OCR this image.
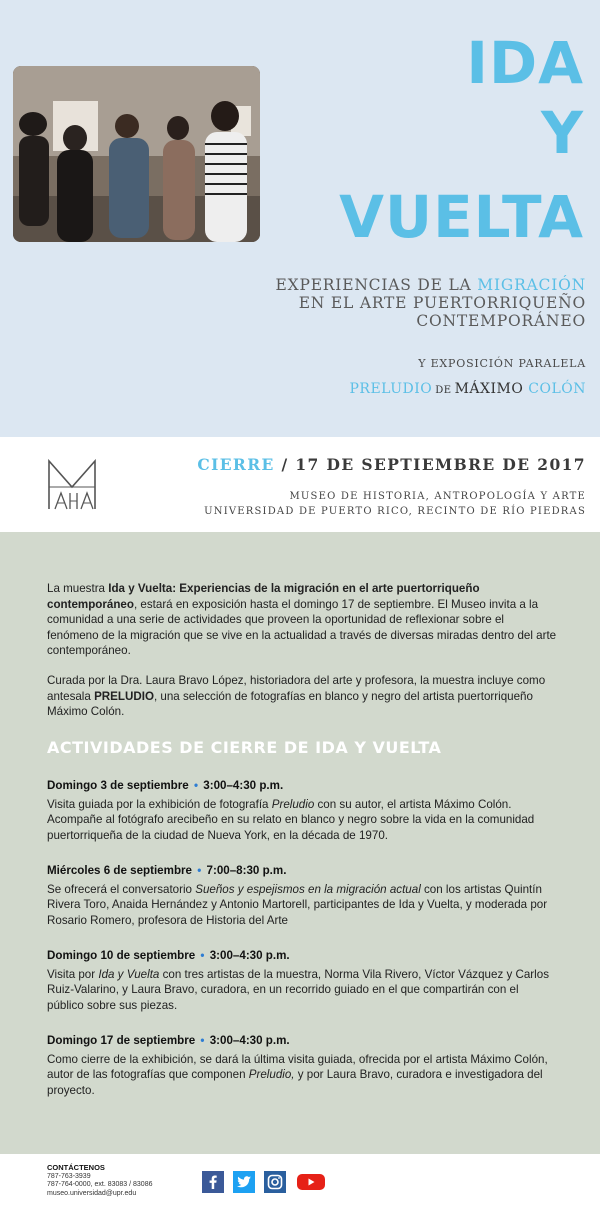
IDA
Y
VUELTA
EXPERIENCIAS DE LA MIGRACIÓN
EN EL ARTE PUERTORRIQUEÑO
CONTEMPORÁNEO
Y EXPOSICIÓN PARALELA
PRELUDIO DE MÁXIMO COLÓN
CIERRE / 17 DE SEPTIEMBRE DE 2017
MUSEO DE HISTORIA, ANTROPOLOGÍA Y ARTE
UNIVERSIDAD DE PUERTO RICO, RECINTO DE RÍO PIEDRAS

La muestra Ida y Vuelta: Experiencias de la migración en el arte puertorriqueño contemporáneo, estará en exposición hasta el domingo 17 de septiembre. El Museo invita a la comunidad a una serie de actividades que proveen la oportunidad de reflexionar sobre el fenómeno de la migración que se vive en la actualidad a través de diversas miradas dentro del arte contemporáneo.

Curada por la Dra. Laura Bravo López, historiadora del arte y profesora, la muestra incluye como antesala PRELUDIO, una selección de fotografías en blanco y negro del artista puertorriqueño Máximo Colón.

ACTIVIDADES DE CIERRE DE IDA Y VUELTA
Domingo 3 de septiembre • 3:00–4:30 p.m.
Visita guiada por la exhibición de fotografía Preludio con su autor, el artista Máximo Colón. Acompañe al fotógrafo arecibeño en su relato en blanco y negro sobre la vida en la comunidad puertorriqueña de la ciudad de Nueva York, en la década de 1970.
Miércoles 6 de septiembre • 7:00–8:30 p.m.
Se ofrecerá el conversatorio Sueños y espejismos en la migración actual con los artistas Quintín Rivera Toro, Anaida Hernández y Antonio Martorell, participantes de Ida y Vuelta, y moderada por Rosario Romero, profesora de Historia del Arte
Domingo 10 de septiembre • 3:00–4:30 p.m.
Visita por Ida y Vuelta con tres artistas de la muestra, Norma Vila Rivero, Víctor Vázquez y Carlos Ruiz-Valarino, y Laura Bravo, curadora, en un recorrido guiado en el que compartirán con el público sobre sus piezas.
Domingo 17 de septiembre • 3:00–4:30 p.m.
Como cierre de la exhibición, se dará la última visita guiada, ofrecida por el artista Máximo Colón, autor de las fotografías que componen Preludio, y por Laura Bravo, curadora e investigadora del proyecto.
CONTÁCTENOS
787-763-3939
787-764-0000, ext. 83083 / 83086
museo.universidad@upr.edu
